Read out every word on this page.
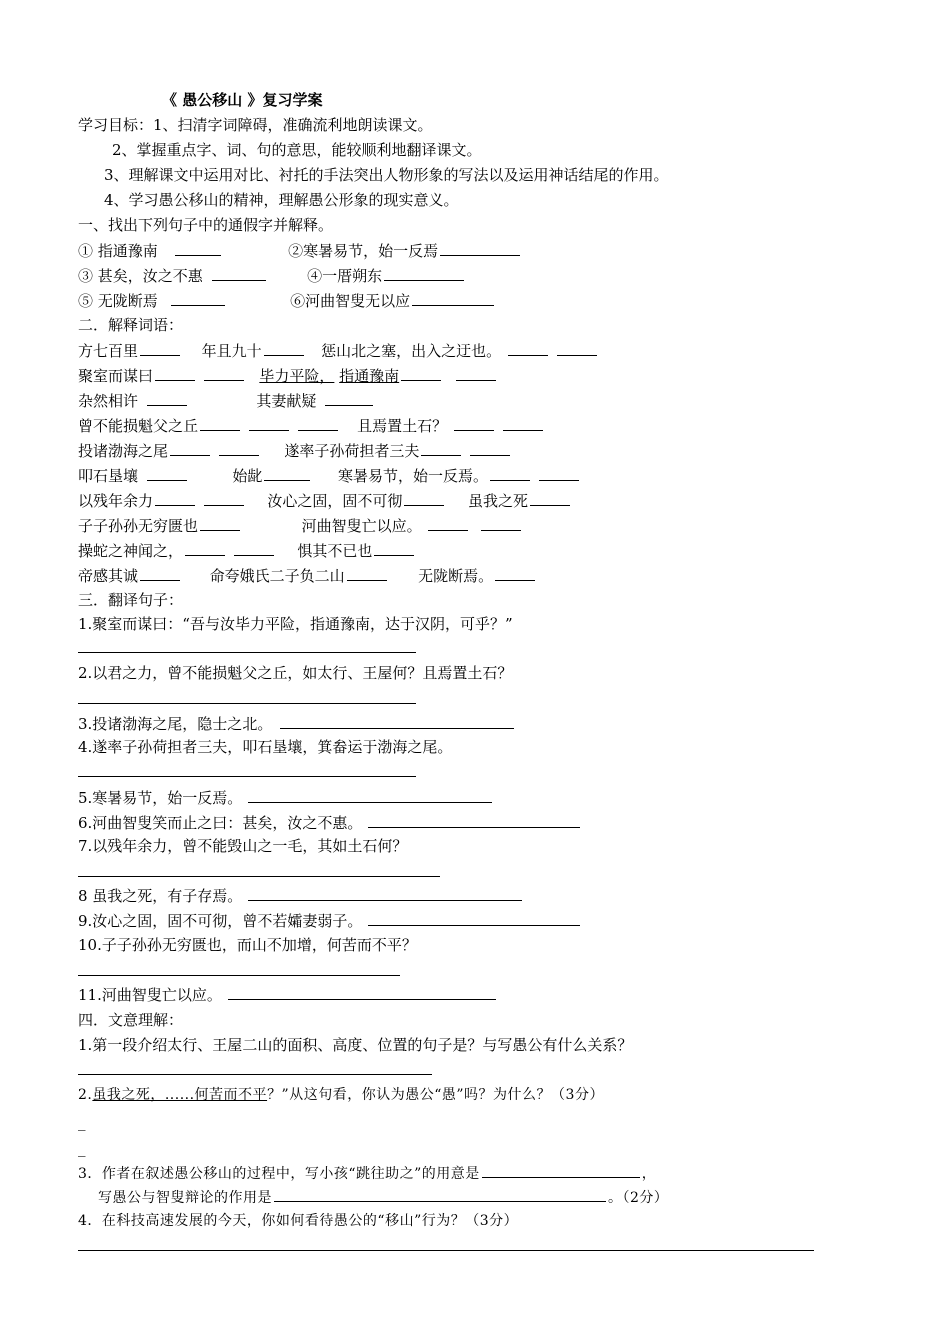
《 愚公移山 》复习学案
学习目标：1、扫清字词障碍，准确流利地朗读课文。
2、掌握重点字、词、句的意思，能较顺利地翻译课文。
3、理解课文中运用对比、衬托的手法突出人物形象的写法以及运用神话结尾的作用。
4、学习愚公移山的精神，理解愚公形象的现实意义。
一、找出下列句子中的通假字并解释。
① 指通豫南	②寒暑易节，始一反焉
③ 甚矣，汝之不惠	④一厝朔东
⑤ 无陇断焉	⑥河曲智叟无以应
二．解释词语：
方七百里	年且九十	惩山北之塞，出入之迂也。
聚室而谋曰	毕力平险， 指通豫南
杂然相许	其妻献疑
曾不能损魁父之丘	且焉置土石？
投诸渤海之尾	遂率子孙荷担者三夫
叩石垦壤	始龀	寒暑易节，始一反焉。
以残年余力	汝心之固，固不可彻	虽我之死
子子孙孙无穷匮也	河曲智叟亡以应。
操蛇之神闻之，	惧其不已也
帝感其诚	命夸娥氏二子负二山	无陇断焉。
三．翻译句子：
1.聚室而谋曰：“吾与汝毕力平险，指通豫南，达于汉阴，可乎？”
2.以君之力，曾不能损魁父之丘，如太行、王屋何？且焉置土石？
3.投诸渤海之尾，隐士之北。
4.遂率子孙荷担者三夫，叩石垦壤，箕畚运于渤海之尾。
5.寒暑易节，始一反焉。
6.河曲智叟笑而止之曰：甚矣，汝之不惠。
7.以残年余力，曾不能毁山之一毛，其如土石何？
8 虽我之死，有子存焉。
9.汝心之固，固不可彻，曾不若孀妻弱子。
10.子子孙孙无穷匮也，而山不加增，何苦而不平？
11.河曲智叟亡以应。
四．文意理解：
1.第一段介绍太行、王屋二山的面积、高度、位置的句子是？与写愚公有什么关系？
2.虽我之死，......何苦而不平？”从这句看，你认为愚公“愚”吗？为什么？（3分）
_
_
3．作者在叙述愚公移山的过程中，写小孩“跳往助之”的用意是	，
写愚公与智叟辩论的作用是	。（2分）
4．在科技高速发展的今天，你如何看待愚公的“移山”行为？（3分）
